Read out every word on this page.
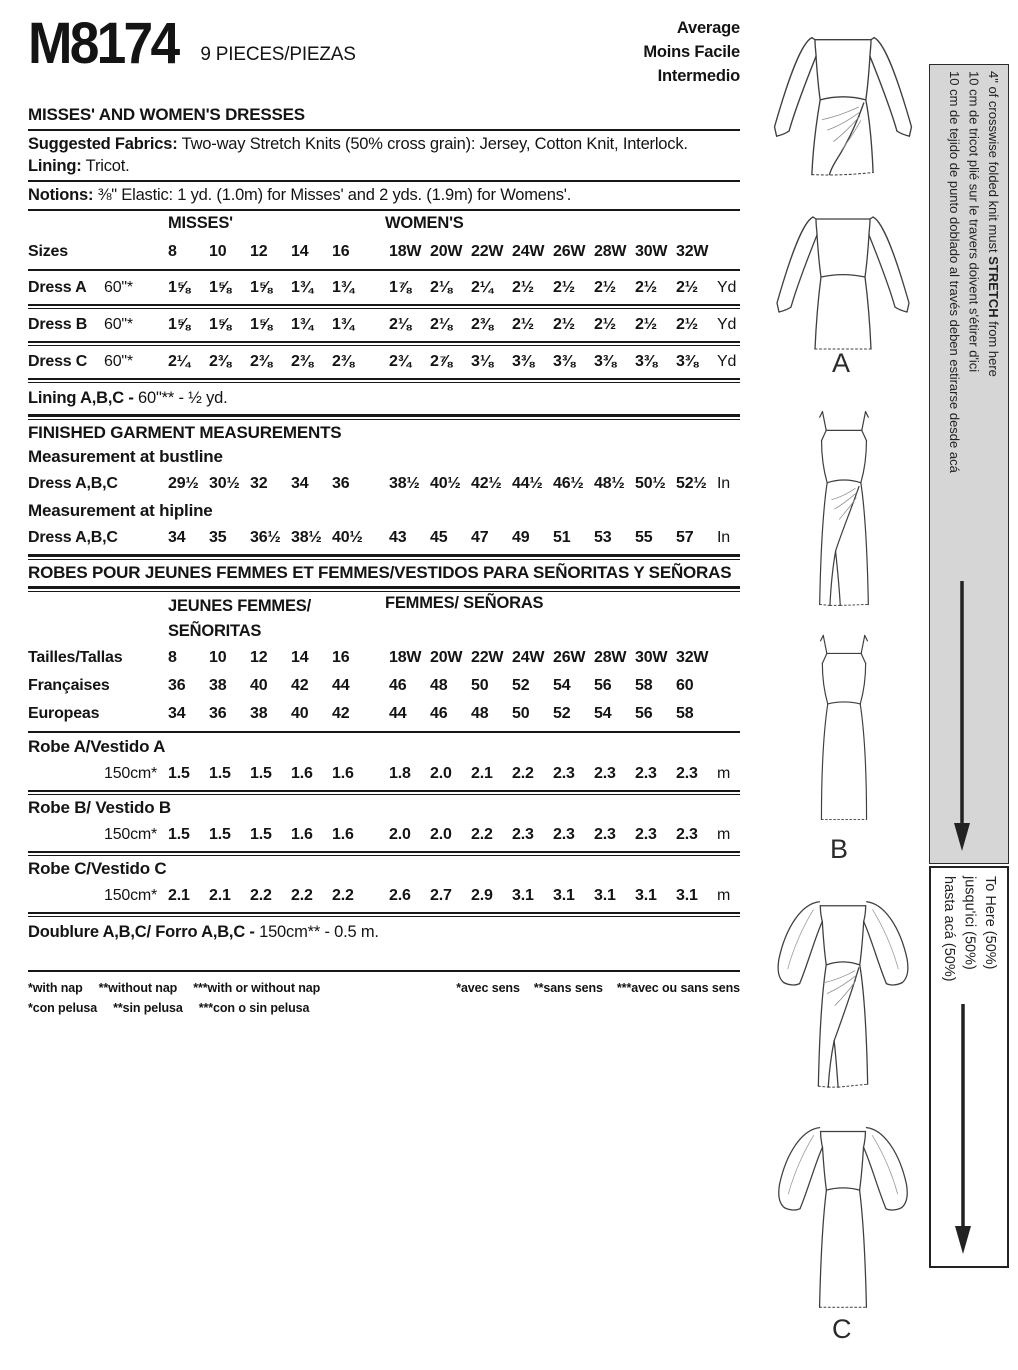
M8174 9 PIECES/PIEZAS
Average
Moins Facile
Intermedio
MISSES' AND WOMEN'S DRESSES
Suggested Fabrics: Two-way Stretch Knits (50% cross grain): Jersey, Cotton Knit, Interlock.
Lining: Tricot.
Notions: ⅜" Elastic: 1 yd. (1.0m) for Misses' and 2 yds. (1.9m) for Womens'.
MISSES'	WOMEN'S
Sizes	8	10	12	14	16	18W 20W 22W 24W 26W 28W 30W 32W
Dress A	60"*	1⅝	1⅝	1⅝	1¾	1¾	1⅞	2⅛	2¼	2½	2½	2½	2½	2½	Yd
Dress B	60"*	1⅝	1⅝	1⅝	1¾	1¾	2⅛	2⅛	2⅜	2½	2½	2½	2½	2½	Yd
Dress C	60"*	2¼	2⅜	2⅜	2⅜	2⅜	2¾	2⅞	3⅛	3⅜	3⅜	3⅜	3⅜	3⅜	Yd
Lining A,B,C - 60"** - ½ yd.
FINISHED GARMENT MEASUREMENTS
Measurement at bustline
Dress A,B,C	29½ 30½ 32	34	36	38½ 40½ 42½ 44½ 46½ 48½ 50½ 52½ In
Measurement at hipline
Dress A,B,C	34	35	36½ 38½ 40½	43	45	47	49	51	53	55	57	In
ROBES POUR JEUNES FEMMES ET FEMMES/VESTIDOS PARA SEÑORITAS Y SEÑORAS
JEUNES FEMMES/
SEÑORITAS
FEMMES/ SEÑORAS
Tailles/Tallas	8	10	12	14	16	18W 20W 22W 24W 26W 28W 30W 32W
Françaises	36	38	40	42	44	46	48	50	52	54	56	58	60
Europeas	34	36	38	40	42	44	46	48	50	52	54	56	58
Robe A/Vestido A
150cm* 1.5	1.5	1.5	1.6	1.6	1.8	2.0	2.1	2.2	2.3	2.3	2.3	2.3	m
Robe B/ Vestido B
150cm* 1.5	1.5	1.5	1.6	1.6	2.0	2.0	2.2	2.3	2.3	2.3	2.3	2.3	m
Robe C/Vestido C
150cm* 2.1	2.1	2.2	2.2	2.2	2.6	2.7	2.9	3.1	3.1	3.1	3.1	3.1	m
Doublure A,B,C/ Forro A,B,C - 150cm** - 0.5 m.
*with nap **without nap ***with or without nap
*con pelusa **sin pelusa ***con o sin pelusa
*avec sens **sans sens ***avec ou sans sens
A
B
C
4" of crosswise folded knit must STRETCH from here
10 cm de tricot plié sur le travers doivent s'étirer d'ici
10 cm de tejido de punto doblado al través deben estirarse desde acá
To Here (50%)
jusqu'ici (50%)
hasta acá (50%)
